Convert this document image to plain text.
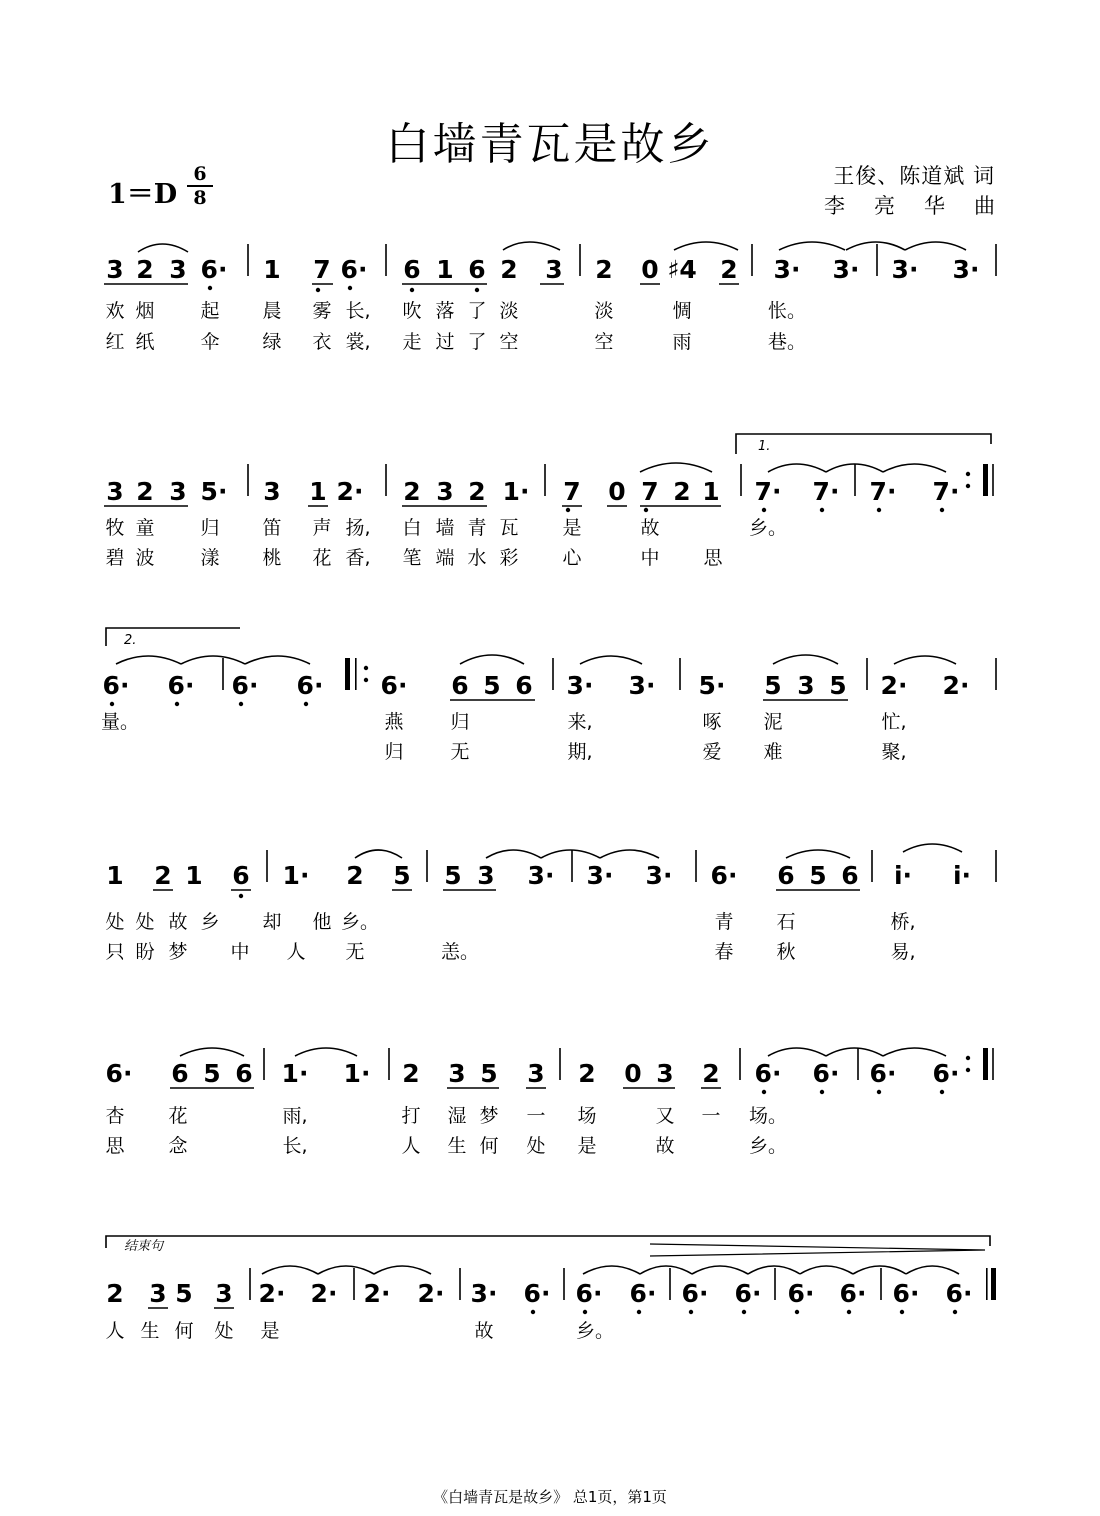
白墙青瓦是故乡
1＝D
6
8
王俊、陈道斌 词
李亮华曲
3 2 3 6· 1 7 6· 6 1 6 2 3 2 0 ♯4 2 3· 3· 3· 3·
欢 烟 起 晨 雾 长, 吹 落 了 淡	淡	惆	怅。
红 纸 伞 绿 衣 裳, 走 过 了 空	空	雨	巷。
3 2 3 5· 3 1 2· 2 3 2 1· 7 0 7 2 1 7· 7· 7· 7·
1.
牧 童 归 笛 声 扬, 白 墙 青 瓦 是	故	乡。
碧 波 漾 桃 花 香, 笔 端 水 彩 心	中 思
6· 6· 6· 6· 6· 6 5 6 3· 3· 5· 5 3 5 2· 2·
2.
量。	燕 归	来,	啄 泥	忙,
归 无	期,	爱 难	聚,
1 2 1 6 1· 2 5 5 3 3· 3· 3· 6· 6 5 6 i· i·
处 处 故 乡 却 他 乡。	青 石	桥,
只 盼 梦 中 人 无	恙。	春 秋	易,
6· 6 5 6 1· 1· 2 3 5 3 2 0 3 2 6· 6· 6· 6·
杏 花	雨,	打 湿 梦 一 场	又 一 场。
思 念	长,	人 生 何 处 是	故	乡。
2 3 5 3 2· 2· 2· 2· 3· 6· 6· 6· 6· 6· 6· 6· 6· 6·
结束句
人 生 何 处 是	故	乡。
《白墙青瓦是故乡》 总1页，第1页
